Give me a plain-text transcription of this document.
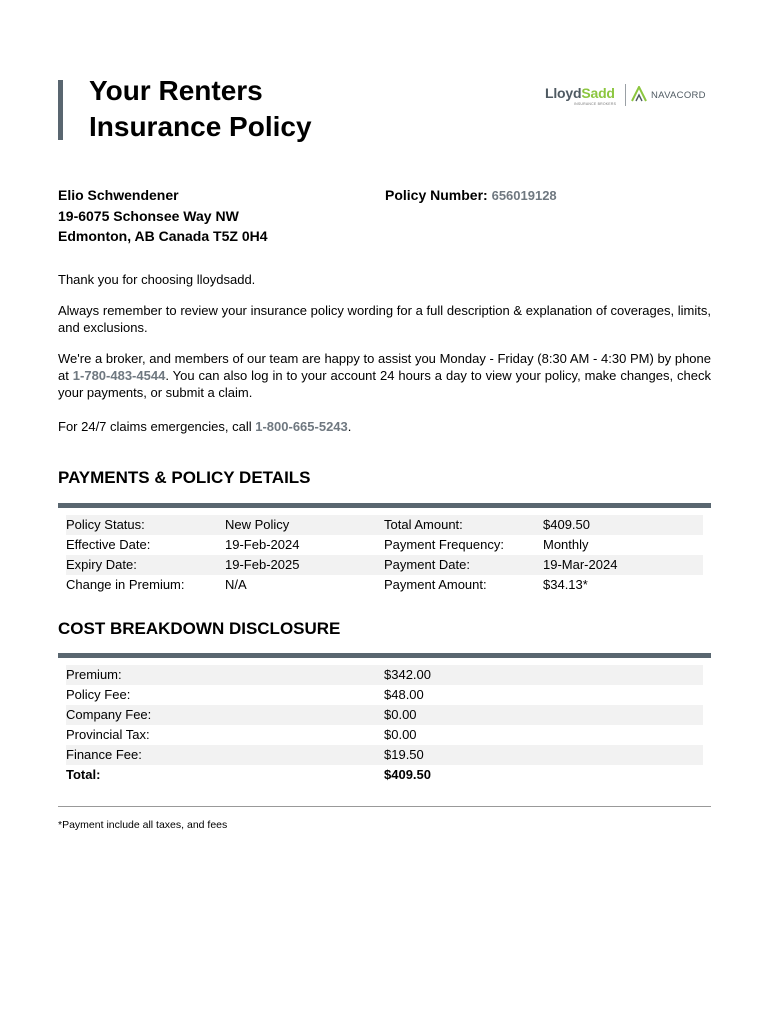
Your Renters
Insurance Policy
LloydSadd
INSURANCE BROKERS
NAVACORD
Elio Schwendener
19-6075 Schonsee Way NW
Edmonton, AB Canada T5Z 0H4
Policy Number: 656019128

Thank you for choosing lloydsadd.

Always remember to review your insurance policy wording for a full description & explanation of coverages, limits, and exclusions.

We're a broker, and members of our team are happy to assist you Monday - Friday (8:30 AM - 4:30 PM) by phone at 1-780-483-4544. You can also log in to your account 24 hours a day to view your policy, make changes, check your payments, or submit a claim.

For 24/7 claims emergencies, call 1-800-665-5243.

PAYMENTS & POLICY DETAILS
Policy Status:	New Policy	Total Amount:	$409.50
Effective Date:	19-Feb-2024	Payment Frequency:	Monthly
Expiry Date:	19-Feb-2025	Payment Date:	19-Mar-2024
Change in Premium:	N/A	Payment Amount:	$34.13*
COST BREAKDOWN DISCLOSURE
Premium:	$342.00
Policy Fee:	$48.00
Company Fee:	$0.00
Provincial Tax:	$0.00
Finance Fee:	$19.50
Total:	$409.50
*Payment include all taxes, and fees
